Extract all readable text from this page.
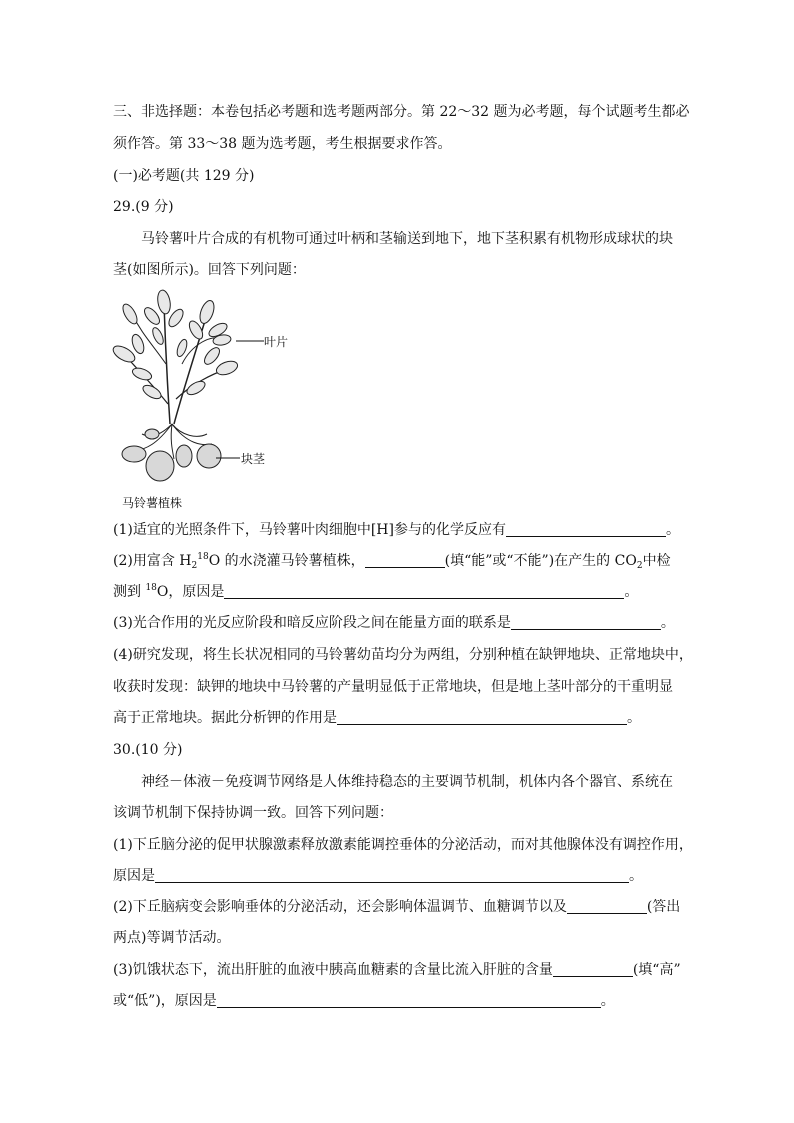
三、非选择题：本卷包括必考题和选考题两部分。第 22～32 题为必考题，每个试题考生都必
须作答。第 33～38 题为选考题，考生根据要求作答。
(一)必考题(共 129 分)
29.(9 分)
马铃薯叶片合成的有机物可通过叶柄和茎输送到地下，地下茎积累有机物形成球状的块
茎(如图所示)。回答下列问题：
叶片
块茎
马铃薯植株
(1)适宜的光照条件下，马铃薯叶肉细胞中[H]参与的化学反应有	。
(2)用富含 $H_2^{18}O$ 的水浇灌马铃薯植株，	(填“能”或“不能”)在产生的 $CO_2$中检
测到 $^{18}$O，原因是	。
(3)光合作用的光反应阶段和暗反应阶段之间在能量方面的联系是	。
(4)研究发现，将生长状况相同的马铃薯幼苗均分为两组，分别种植在缺钾地块、正常地块中，
收获时发现：缺钾的地块中马铃薯的产量明显低于正常地块，但是地上茎叶部分的干重明显
高于正常地块。据此分析钾的作用是	。
30.(10 分)
神经－体液－免疫调节网络是人体维持稳态的主要调节机制，机体内各个器官、系统在
该调节机制下保持协调一致。回答下列问题：
(1)下丘脑分泌的促甲状腺激素释放激素能调控垂体的分泌活动，而对其他腺体没有调控作用，
原因是	。
(2)下丘脑病变会影响垂体的分泌活动，还会影响体温调节、血糖调节以及	(答出
两点)等调节活动。
(3)饥饿状态下，流出肝脏的血液中胰高血糖素的含量比流入肝脏的含量	(填“高”
或“低”)，原因是	。
